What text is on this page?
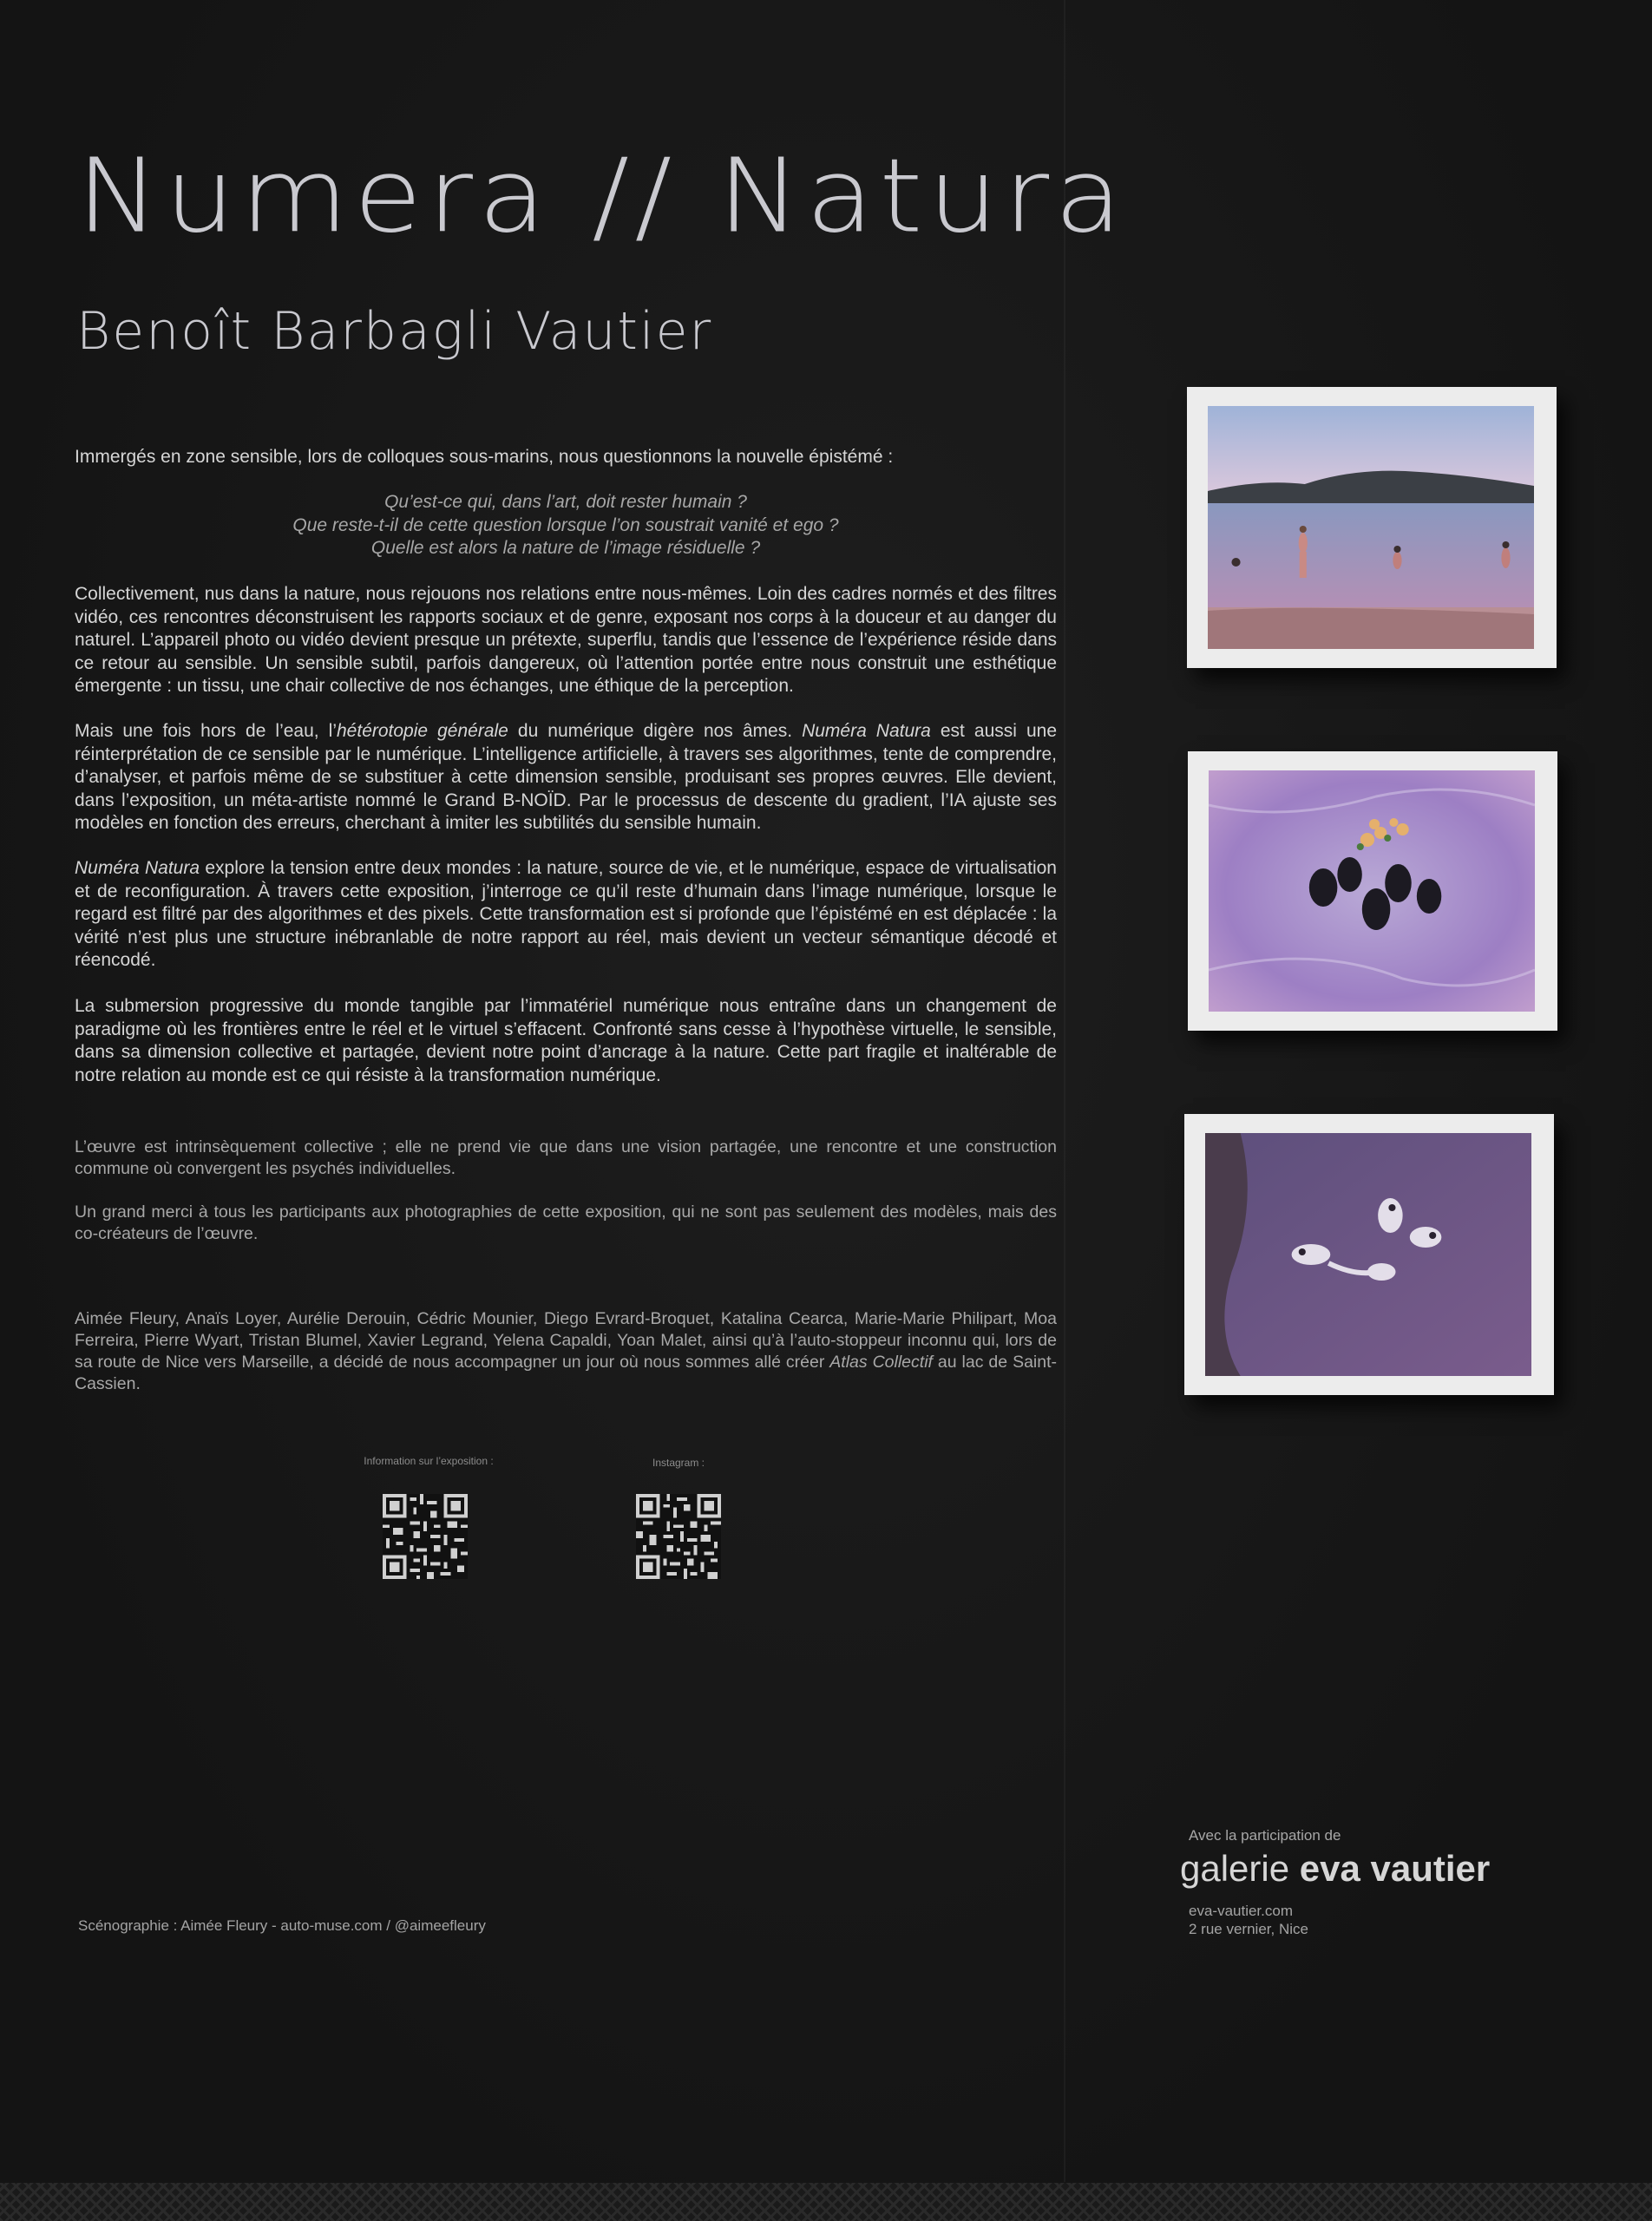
Numera // Natura
Benoît Barbagli Vautier

Immergés en zone sensible, lors de colloques sous-marins, nous questionnons la nouvelle épistémé :

Qu’est-ce qui, dans l’art, doit rester humain ?
Que reste-t-il de cette question lorsque l’on soustrait vanité et ego ?
Quelle est alors la nature de l’image résiduelle ?

Collectivement, nus dans la nature, nous rejouons nos relations entre nous-mêmes. Loin des cadres normés et des filtres vidéo, ces rencontres déconstruisent les rapports sociaux et de genre, exposant nos corps à la douceur et au danger du naturel. L’appareil photo ou vidéo devient presque un prétexte, superflu, tandis que l’essence de l’expérience réside dans ce retour au sensible. Un sensible subtil, parfois dangereux, où l’attention portée entre nous construit une esthétique émergente : un tissu, une chair collective de nos échanges, une éthique de la perception.

Mais une fois hors de l’eau, l’hétérotopie générale du numérique digère nos âmes. Numéra Natura est aussi une réinterprétation de ce sensible par le numérique. L’intelligence artificielle, à travers ses algorithmes, tente de comprendre, d’analyser, et parfois même de se substituer à cette dimension sensible, produisant ses propres œuvres. Elle devient, dans l’exposition, un méta-artiste nommé le Grand B-NOÏD. Par le processus de descente du gradient, l’IA ajuste ses modèles en fonction des erreurs, cherchant à imiter les subtilités du sensible humain.

Numéra Natura explore la tension entre deux mondes : la nature, source de vie, et le numérique, espace de virtualisation et de reconfiguration. À travers cette exposition, j’interroge ce qu’il reste d’humain dans l’image numérique, lorsque le regard est filtré par des algorithmes et des pixels. Cette transformation est si profonde que l’épistémé en est déplacée : la vérité n’est plus une structure inébranlable de notre rapport au réel, mais devient un vecteur sémantique décodé et réencodé.

La submersion progressive du monde tangible par l’immatériel numérique nous entraîne dans un changement de paradigme où les frontières entre le réel et le virtuel s’effacent. Confronté sans cesse à l’hypothèse virtuelle, le sensible, dans sa dimension collective et partagée, devient notre point d’ancrage à la nature. Cette part fragile et inaltérable de notre relation au monde est ce qui résiste à la transformation numérique.

L’œuvre est intrinsèquement collective ; elle ne prend vie que dans une vision partagée, une rencontre et une construction commune où convergent les psychés individuelles.

Un grand merci à tous les participants aux photographies de cette exposition, qui ne sont pas seulement des modèles, mais des co-créateurs de l’œuvre.

Aimée Fleury, Anaïs Loyer, Aurélie Derouin, Cédric Mounier, Diego Evrard-Broquet, Katalina Cearca, Marie-Marie Philipart, Moa Ferreira, Pierre Wyart, Tristan Blumel, Xavier Legrand, Yelena Capaldi, Yoan Malet, ainsi qu’à l’auto-stoppeur inconnu qui, lors de sa route de Nice vers Marseille, a décidé de nous accompagner un jour où nous sommes allé créer Atlas Collectif au lac de Saint-Cassien.

Information sur l’exposition :	Instagram :
Scénographie : Aimée Fleury - auto-muse.com / @aimeefleury
Avec la participation de
galerie eva vautier
eva-vautier.com
2 rue vernier, Nice
